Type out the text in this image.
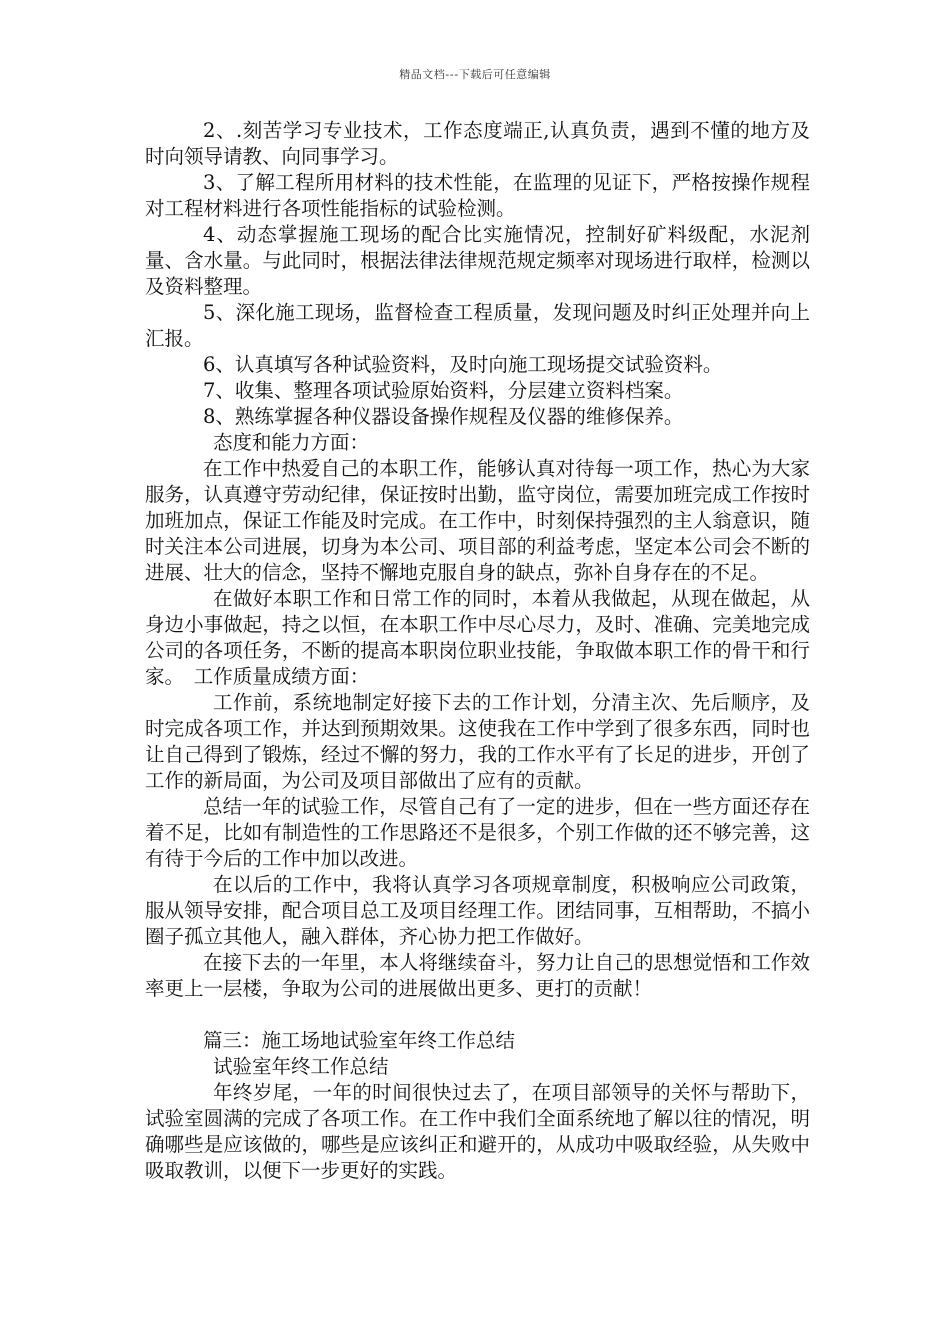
精品文档---下载后可任意编辑

2、.刻苦学习专业技术，工作态度端正,认真负责，遇到不懂的地方及时向领导请教、向同事学习。

3、了解工程所用材料的技术性能，在监理的见证下，严格按操作规程对工程材料进行各项性能指标的试验检测。

4、动态掌握施工现场的配合比实施情况，控制好矿料级配，水泥剂量、含水量。与此同时，根据法律法律规范规定频率对现场进行取样，检测以及资料整理。

5、深化施工现场，监督检查工程质量，发现问题及时纠正处理并向上汇报。

6、认真填写各种试验资料，及时向施工现场提交试验资料。

7、收集、整理各项试验原始资料，分层建立资料档案。

8、熟练掌握各种仪器设备操作规程及仪器的维修保养。

态度和能力方面：

在工作中热爱自己的本职工作，能够认真对待每一项工作，热心为大家服务，认真遵守劳动纪律，保证按时出勤，监守岗位，需要加班完成工作按时加班加点，保证工作能及时完成。在工作中，时刻保持强烈的主人翁意识，随时关注本公司进展，切身为本公司、项目部的利益考虑，坚定本公司会不断的进展、壮大的信念，坚持不懈地克服自身的缺点，弥补自身存在的不足。

在做好本职工作和日常工作的同时，本着从我做起，从现在做起，从身边小事做起，持之以恒，在本职工作中尽心尽力，及时、准确、完美地完成公司的各项任务，不断的提高本职岗位职业技能，争取做本职工作的骨干和行家。　工作质量成绩方面：

工作前，系统地制定好接下去的工作计划，分清主次、先后顺序，及时完成各项工作，并达到预期效果。这使我在工作中学到了很多东西，同时也让自己得到了锻炼，经过不懈的努力，我的工作水平有了长足的进步，开创了工作的新局面，为公司及项目部做出了应有的贡献。

总结一年的试验工作，尽管自己有了一定的进步，但在一些方面还存在着不足，比如有制造性的工作思路还不是很多，个别工作做的还不够完善，这有待于今后的工作中加以改进。

在以后的工作中，我将认真学习各项规章制度，积极响应公司政策，服从领导安排，配合项目总工及项目经理工作。团结同事，互相帮助，不搞小圈子孤立其他人，融入群体，齐心协力把工作做好。

在接下去的一年里，本人将继续奋斗，努力让自己的思想觉悟和工作效率更上一层楼，争取为公司的进展做出更多、更打的贡献！

篇三：施工场地试验室年终工作总结

试验室年终工作总结

年终岁尾，一年的时间很快过去了，在项目部领导的关怀与帮助下，试验室圆满的完成了各项工作。在工作中我们全面系统地了解以往的情况，明确哪些是应该做的，哪些是应该纠正和避开的，从成功中吸取经验，从失败中吸取教训，以便下一步更好的实践。
